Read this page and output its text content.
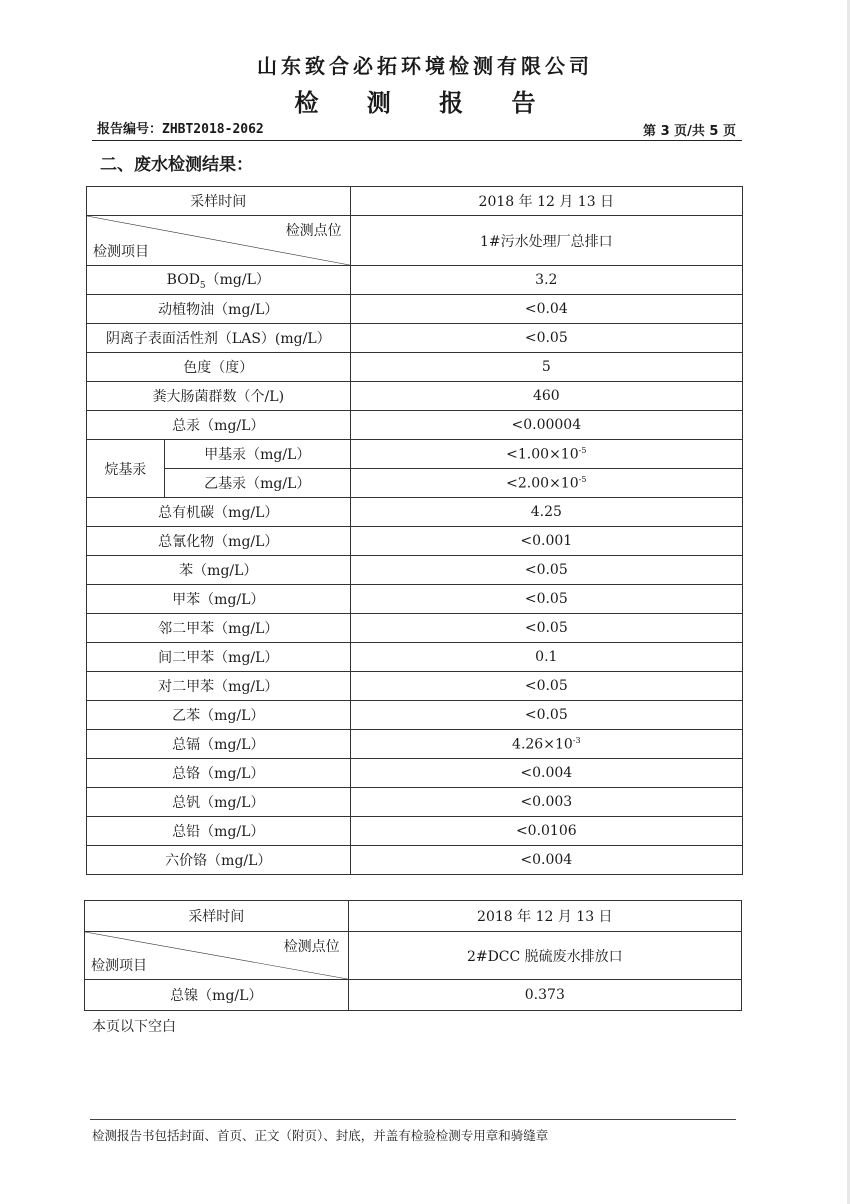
山东致合必拓环境检测有限公司
检 测 报 告
报告编号：ZHBT2018-2062	第 3 页/共 5 页
二、废水检测结果：
采样时间		2018 年 12 月 13 日

检测点位
检测项目		1#污水处理厂总排口
$BOD_5(mg/L)$		3.2
动植物油（mg/L）		<0.04
阴离子表面活性剂（LAS）(mg/L）		<0.05
色度（度）		5
粪大肠菌群数（个/L)		460
总汞（mg/L）		<0.00004
烷基汞	甲基汞（mg/L）	$<1.00\times 10^{-5}$
	乙基汞（mg/L）	$<2.00\times 10^{-5}$
总有机碳（mg/L）		4.25
总氰化物（mg/L）		<0.001
苯（mg/L）		<0.05
甲苯（mg/L）		<0.05
邻二甲苯（mg/L）		<0.05
间二甲苯（mg/L）		0.1
对二甲苯（mg/L）		<0.05
乙苯（mg/L）		<0.05
总镉（mg/L）		$4.26\times 10^{-3}$
总铬（mg/L）		<0.004
总钒（mg/L）		<0.003
总铅（mg/L）		<0.0106
六价铬（mg/L）		<0.004
采样时间	2018 年 12 月 13 日

检测点位
检测项目	2#DCC 脱硫废水排放口
总镍（mg/L）	0.373
本页以下空白
检测报告书包括封面、首页、正文（附页）、封底，并盖有检验检测专用章和骑缝章
